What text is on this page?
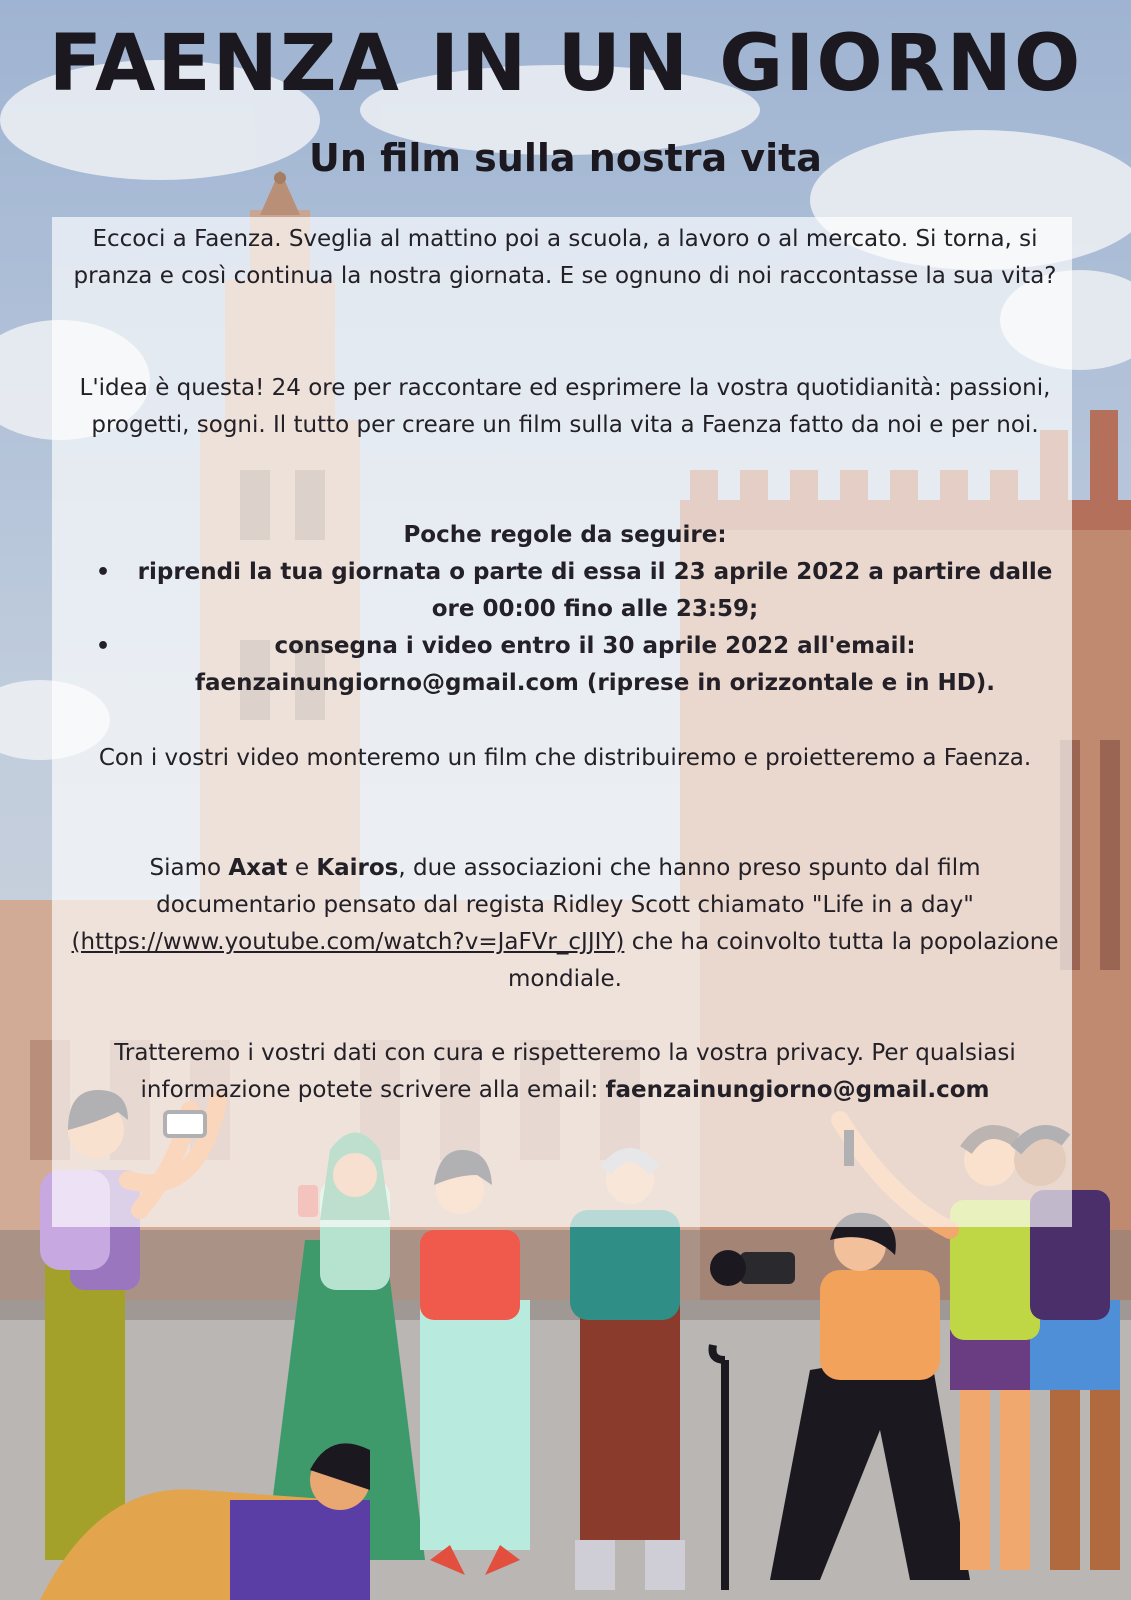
FAENZA IN UN GIORNO
Un film sulla nostra vita

Eccoci a Faenza. Sveglia al mattino poi a scuola, a lavoro o al mercato. Si torna, si pranza e così continua la nostra giornata. E se ognuno di noi raccontasse la sua vita?

L'idea è questa! 24 ore per raccontare ed esprimere la vostra quotidianità: passioni, progetti, sogni. Il tutto per creare un film sulla vita a Faenza fatto da noi e per noi.

Poche regole da seguire:

• riprendi la tua giornata o parte di essa il 23 aprile 2022 a partire dalle ore 00:00 fino alle 23:59;
•	consegna i video entro il 30 aprile 2022 all'email: faenzainungiorno@gmail.com (riprese in orizzontale e in HD).

Con i vostri video monteremo un film che distribuiremo e proietteremo a Faenza.

Siamo Axat e Kairos, due associazioni che hanno preso spunto dal film documentario pensato dal regista Ridley Scott chiamato "Life in a day" (https://www.youtube.com/watch?v=JaFVr_cJJIY) che ha coinvolto tutta la popolazione mondiale.

Tratteremo i vostri dati con cura e rispetteremo la vostra privacy. Per qualsiasi informazione potete scrivere alla email: faenzainungiorno@gmail.com
